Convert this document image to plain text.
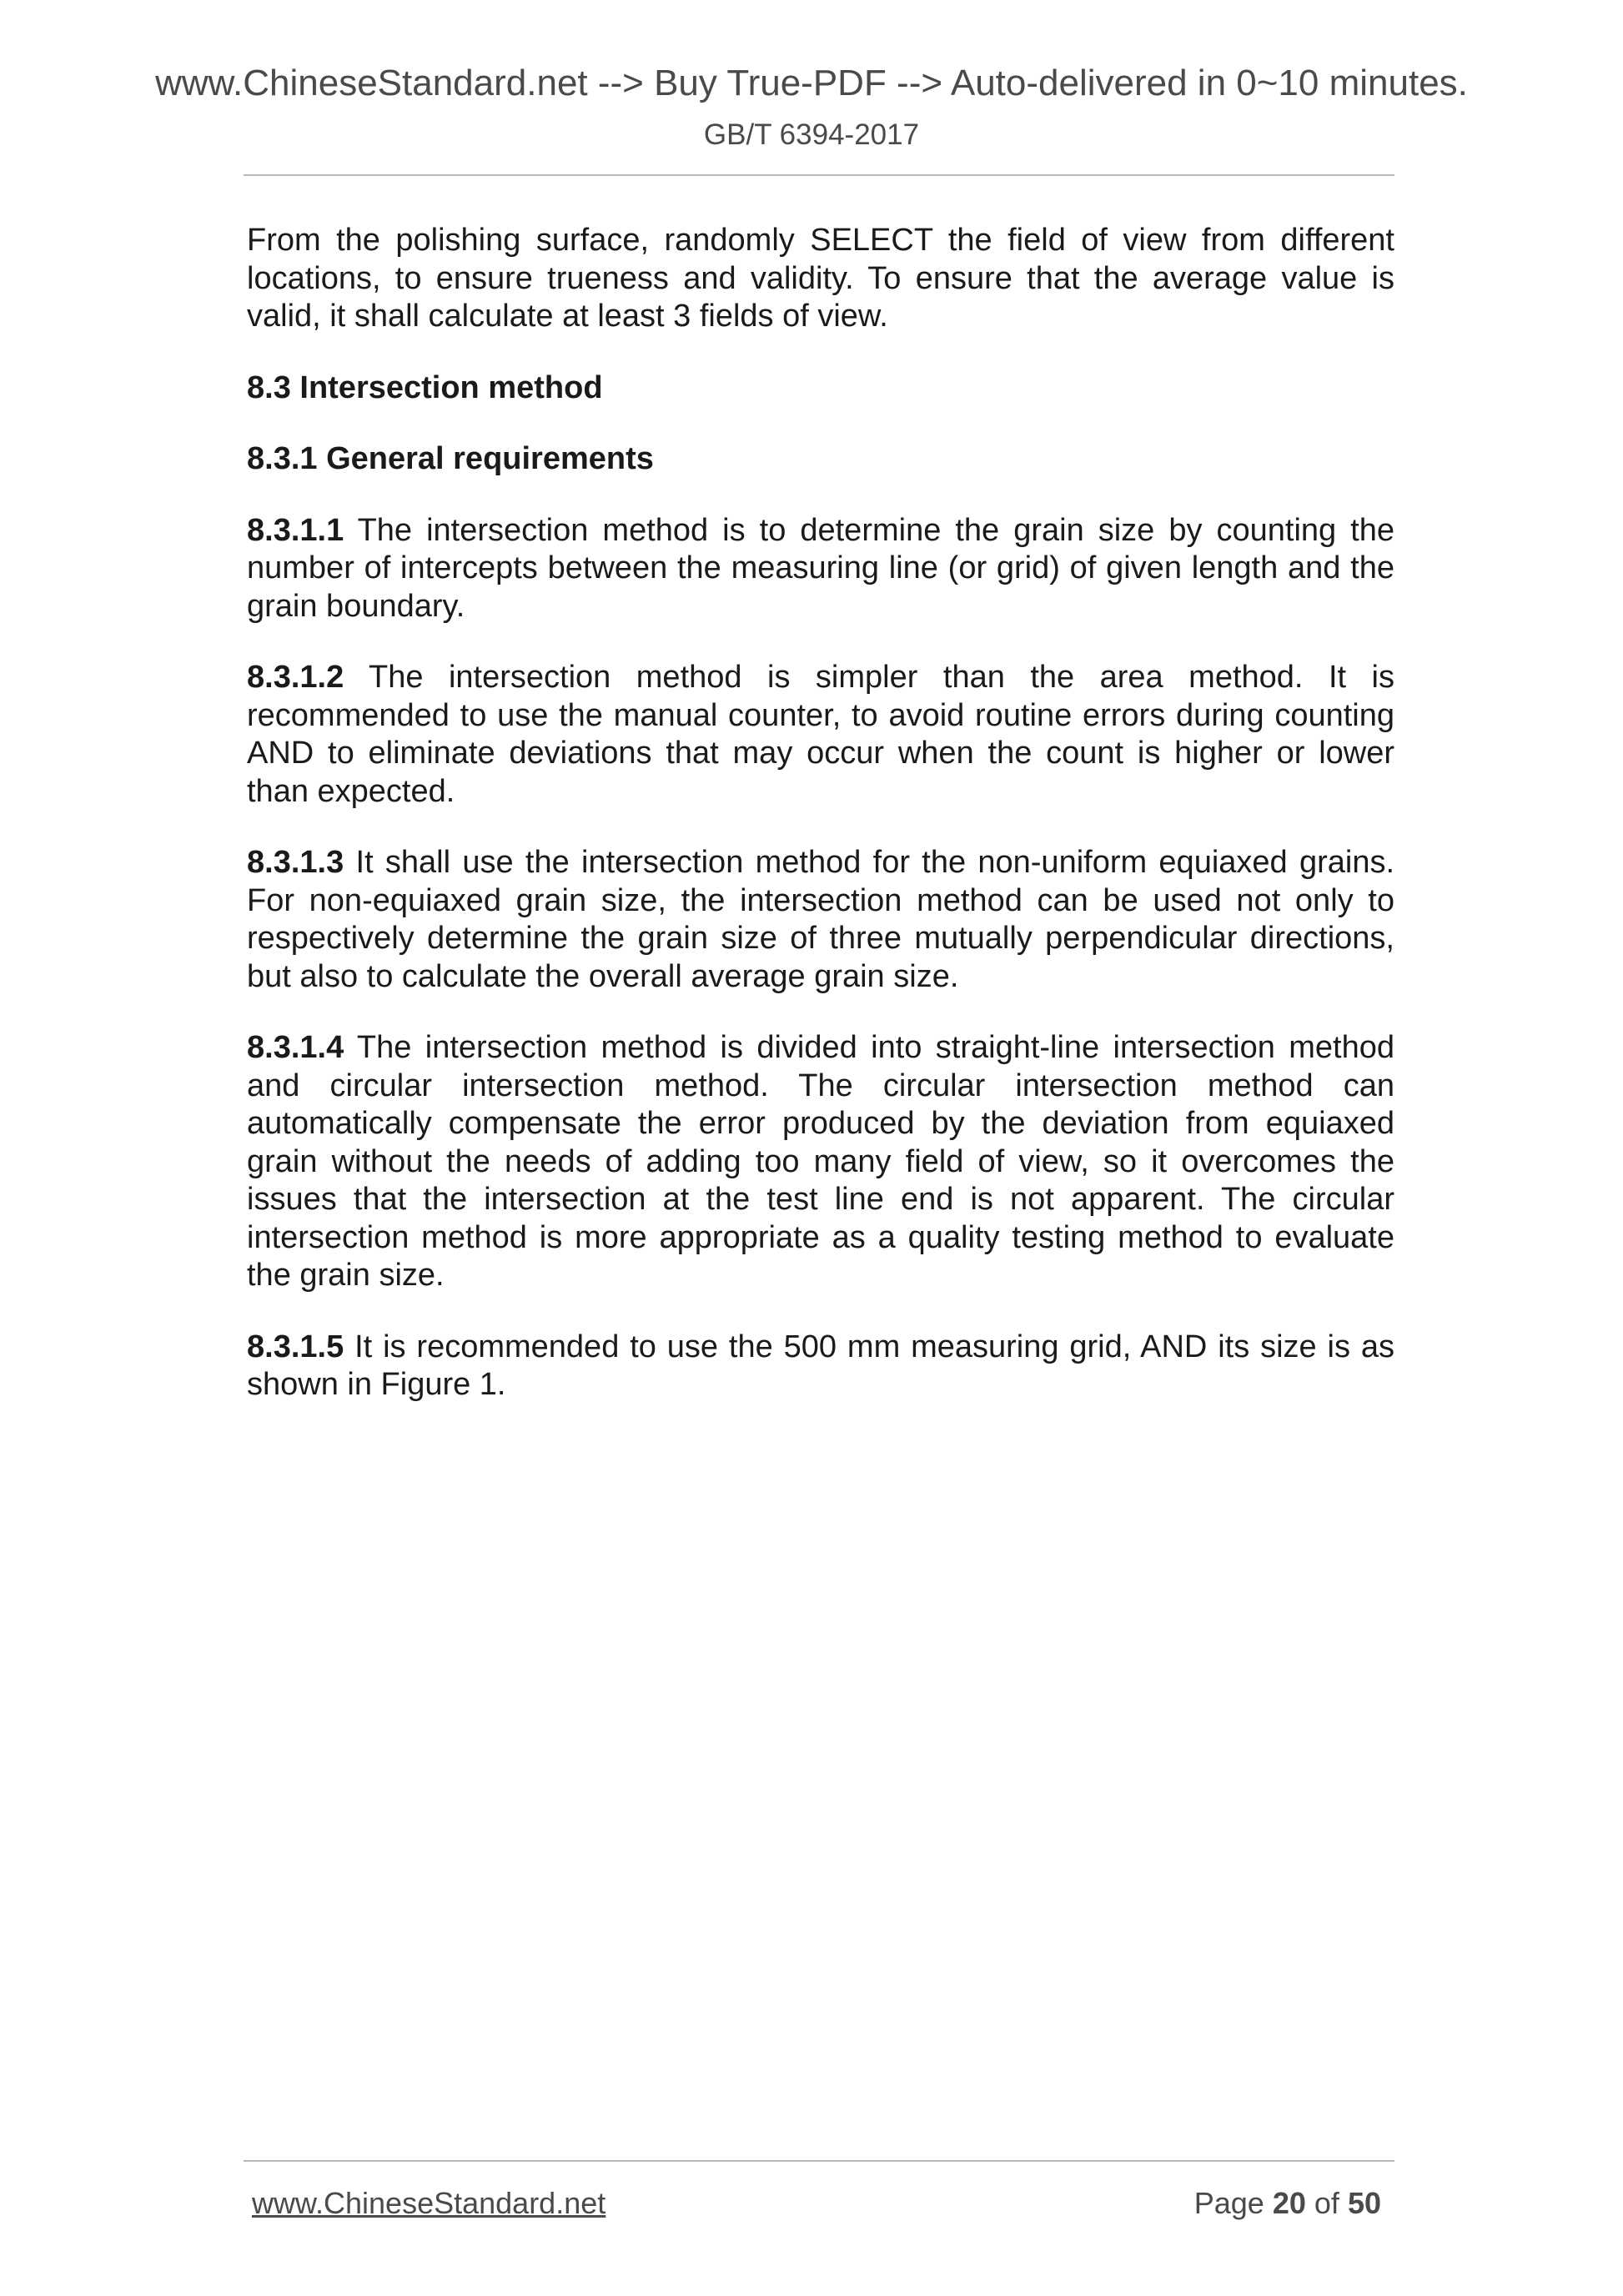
www.ChineseStandard.net --> Buy True-PDF --> Auto-delivered in 0~10 minutes.
GB/T 6394-2017

From the polishing surface, randomly SELECT the field of view from different locations, to ensure trueness and validity. To ensure that the average value is valid, it shall calculate at least 3 fields of view.

8.3 Intersection method

8.3.1 General requirements

8.3.1.1 The intersection method is to determine the grain size by counting the number of intercepts between the measuring line (or grid) of given length and the grain boundary.

8.3.1.2 The intersection method is simpler than the area method. It is recommended to use the manual counter, to avoid routine errors during counting AND to eliminate deviations that may occur when the count is higher or lower than expected.

8.3.1.3 It shall use the intersection method for the non-uniform equiaxed grains. For non-equiaxed grain size, the intersection method can be used not only to respectively determine the grain size of three mutually perpendicular directions, but also to calculate the overall average grain size.

8.3.1.4 The intersection method is divided into straight-line intersection method and circular intersection method. The circular intersection method can automatically compensate the error produced by the deviation from equiaxed grain without the needs of adding too many field of view, so it overcomes the issues that the intersection at the test line end is not apparent. The circular intersection method is more appropriate as a quality testing method to evaluate the grain size.

8.3.1.5 It is recommended to use the 500 mm measuring grid, AND its size is as shown in Figure 1.

www.ChineseStandard.net	Page 20 of 50
